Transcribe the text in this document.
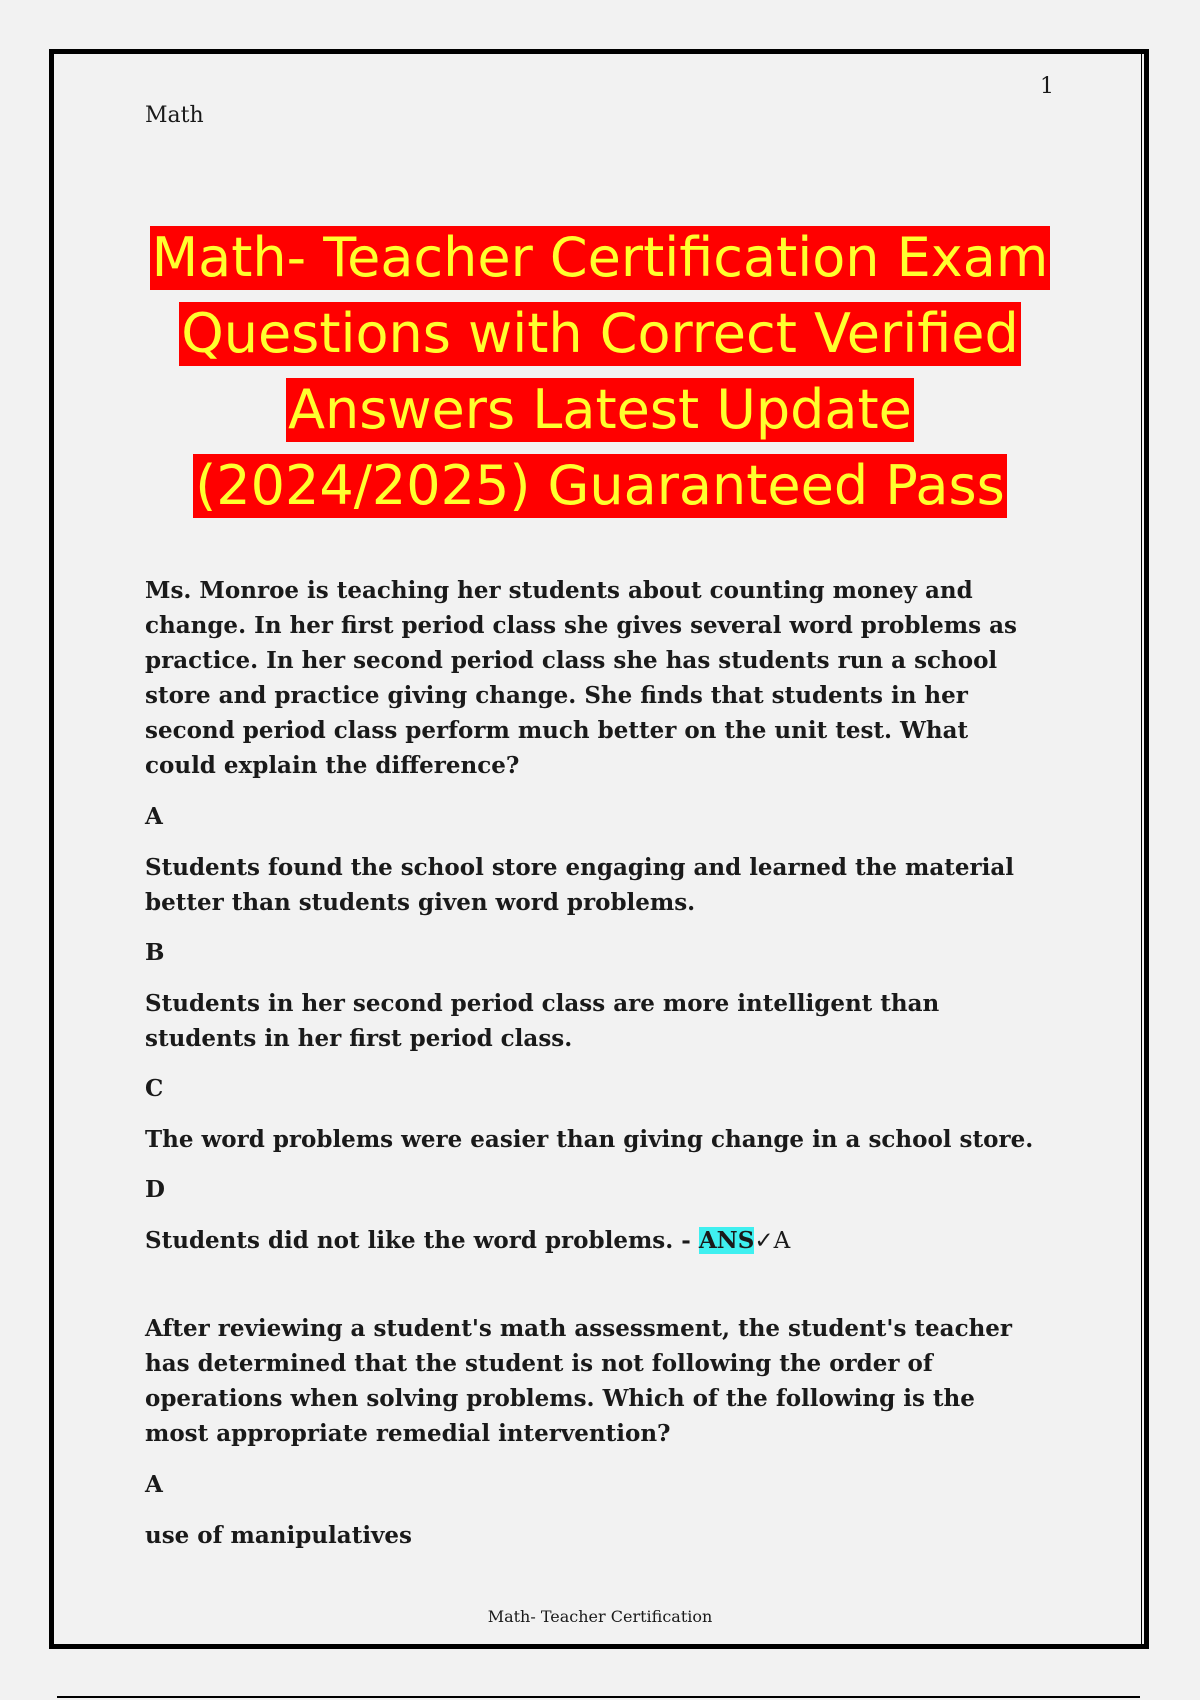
Math
1
Math- Teacher Certification Exam
Questions with Correct Verified
Answers Latest Update
(2024/2025) Guaranteed Pass

Ms. Monroe is teaching her students about counting money and change. In her first period class she gives several word problems as practice. In her second period class she has students run a school store and practice giving change. She finds that students in her second period class perform much better on the unit test. What could explain the difference?

A

Students found the school store engaging and learned the material better than students given word problems.

B

Students in her second period class are more intelligent than students in her first period class.

C

The word problems were easier than giving change in a school store.

D

Students did not like the word problems. - ANS✓A

After reviewing a student's math assessment, the student's teacher has determined that the student is not following the order of operations when solving problems. Which of the following is the most appropriate remedial intervention?

A

use of manipulatives

Math- Teacher Certification
